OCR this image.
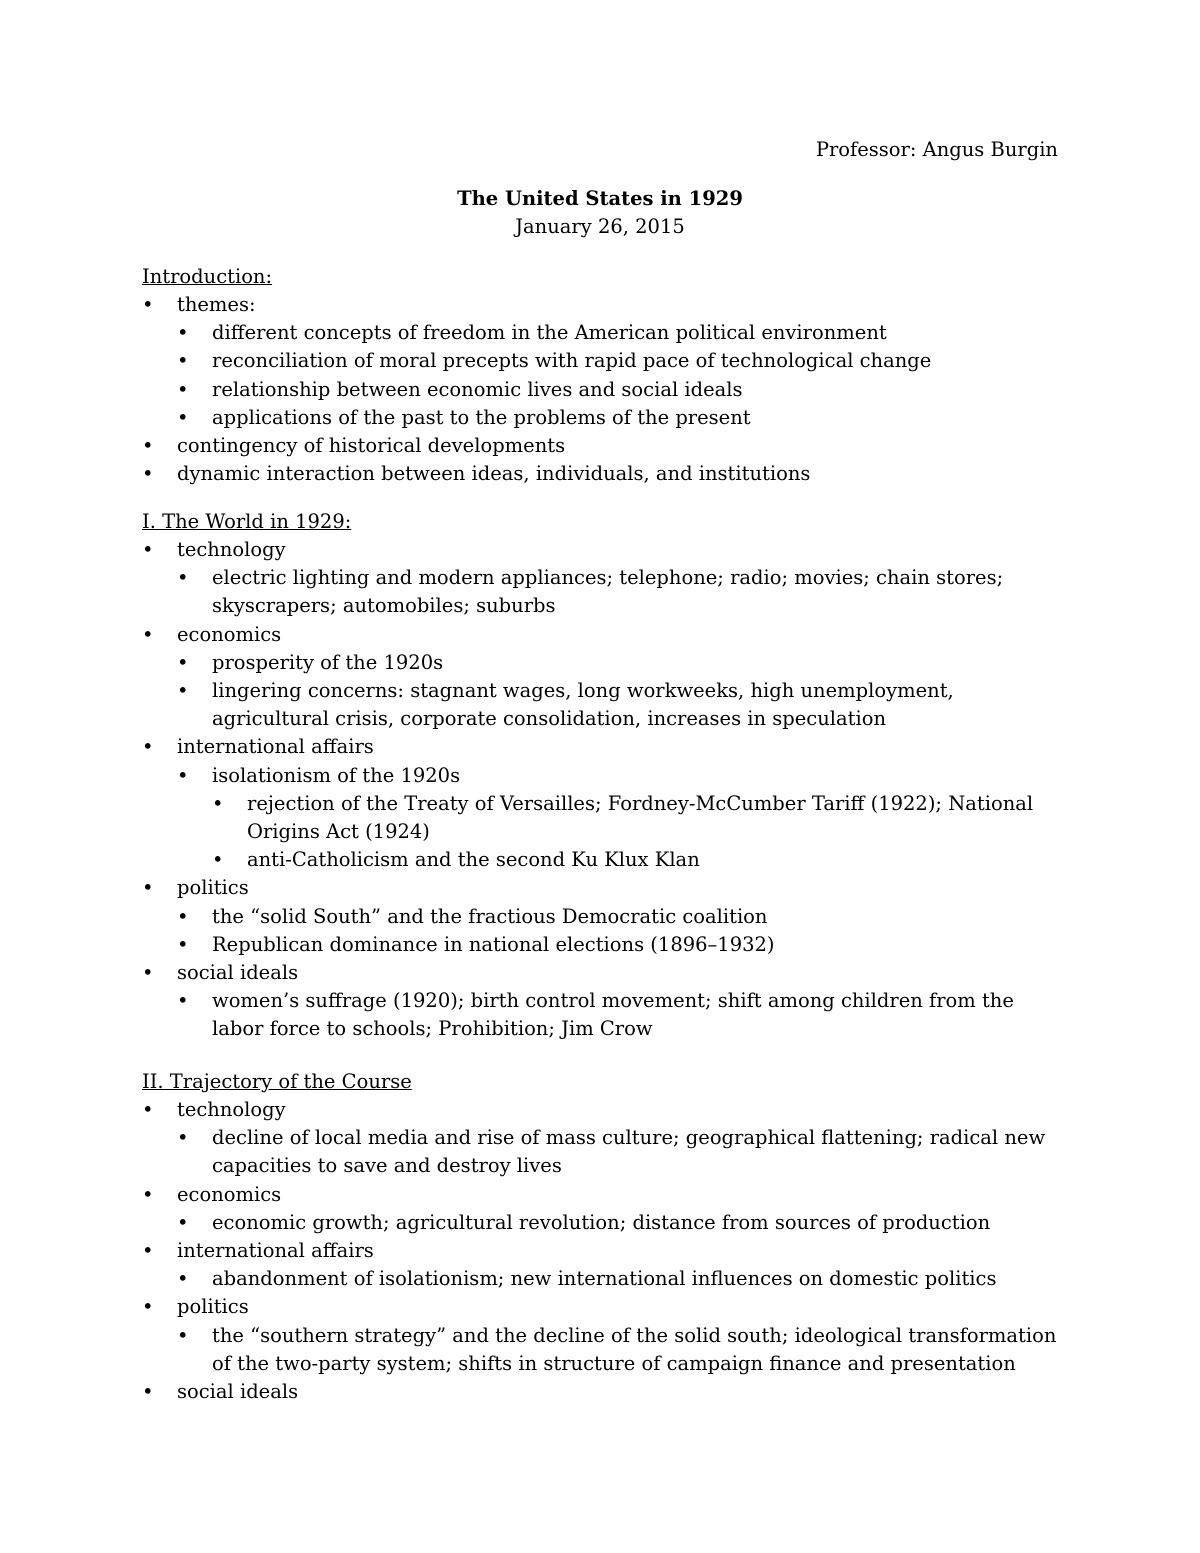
Professor: Angus Burgin
The United States in 1929
January 26, 2015
Introduction:
•
themes:
•
different concepts of freedom in the American political environment
•
reconciliation of moral precepts with rapid pace of technological change
•
relationship between economic lives and social ideals
•
applications of the past to the problems of the present
•
contingency of historical developments
•
dynamic interaction between ideas, individuals, and institutions
I. The World in 1929:
•
technology
•
electric lighting and modern appliances; telephone; radio; movies; chain stores;
skyscrapers; automobiles; suburbs
•
economics
•
prosperity of the 1920s
•
lingering concerns: stagnant wages, long workweeks, high unemployment,
agricultural crisis, corporate consolidation, increases in speculation
•
international affairs
•
isolationism of the 1920s
•
rejection of the Treaty of Versailles; Fordney-McCumber Tariff (1922); National
Origins Act (1924)
•
anti-Catholicism and the second Ku Klux Klan
•
politics
•
the “solid South” and the fractious Democratic coalition
•
Republican dominance in national elections (1896–1932)
•
social ideals
•
women’s suffrage (1920); birth control movement; shift among children from the
labor force to schools; Prohibition; Jim Crow
II. Trajectory of the Course
•
technology
•
decline of local media and rise of mass culture; geographical flattening; radical new
capacities to save and destroy lives
•
economics
•
economic growth; agricultural revolution; distance from sources of production
•
international affairs
•
abandonment of isolationism; new international influences on domestic politics
•
politics
•
the “southern strategy” and the decline of the solid south; ideological transformation
of the two-party system; shifts in structure of campaign finance and presentation
•
social ideals
